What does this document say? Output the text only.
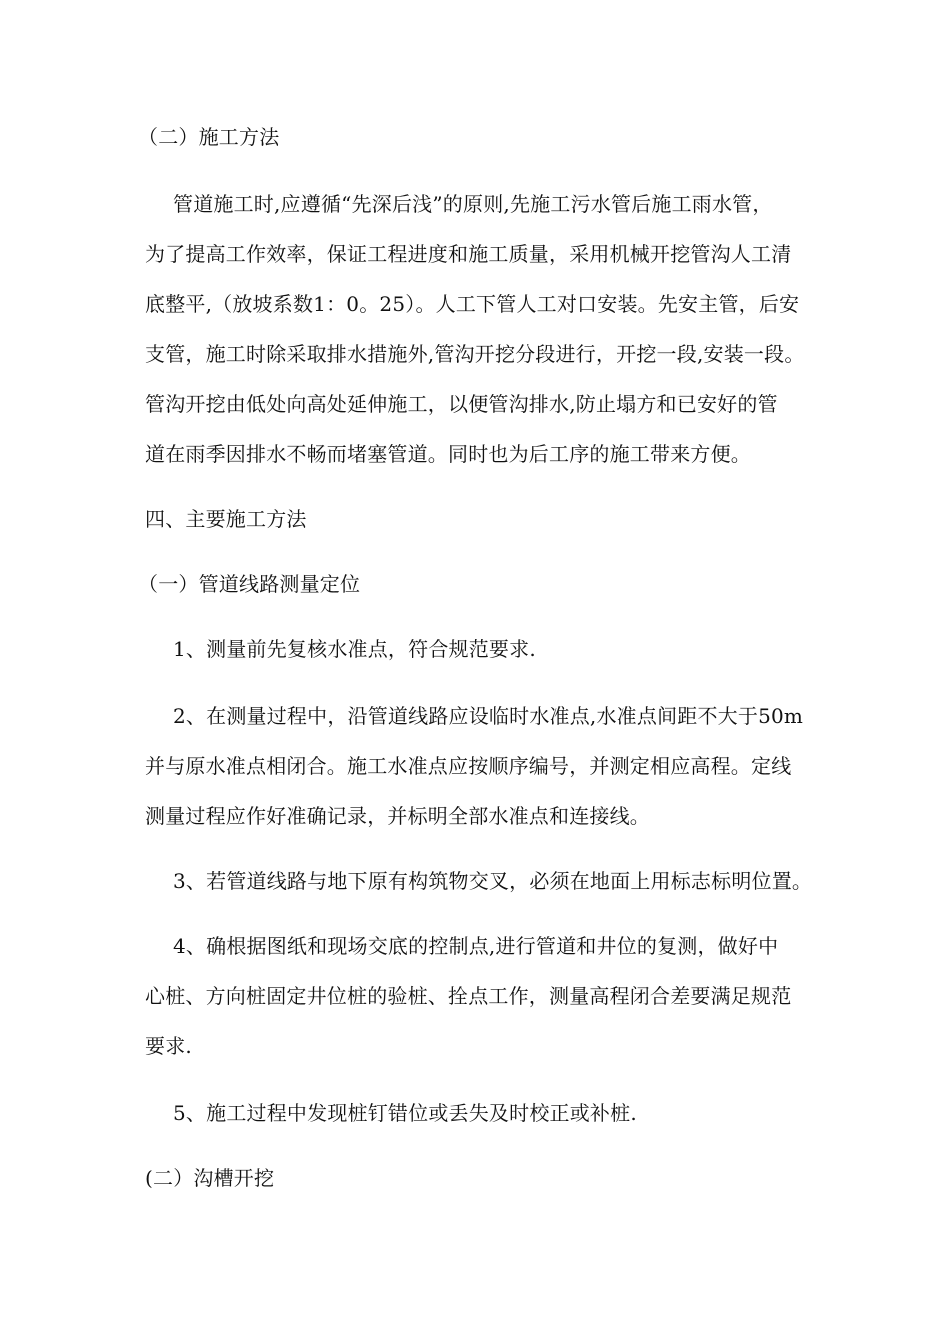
（二）施工方法
管道施工时,应遵循“先深后浅”的原则,先施工污水管后施工雨水管，
为了提高工作效率，保证工程进度和施工质量，采用机械开挖管沟人工清
底整平,（放坡系数1：0。25）。人工下管人工对口安装。先安主管，后安
支管，施工时除采取排水措施外,管沟开挖分段进行，开挖一段,安装一段。
管沟开挖由低处向高处延伸施工，以便管沟排水,防止塌方和已安好的管
道在雨季因排水不畅而堵塞管道。同时也为后工序的施工带来方便。
四、主要施工方法
（一）管道线路测量定位
1、测量前先复核水准点，符合规范要求.
2、在测量过程中，沿管道线路应设临时水准点,水准点间距不大于50m
并与原水准点相闭合。施工水准点应按顺序编号，并测定相应高程。定线
测量过程应作好准确记录，并标明全部水准点和连接线。
3、若管道线路与地下原有构筑物交叉，必须在地面上用标志标明位置。
4、确根据图纸和现场交底的控制点,进行管道和井位的复测，做好中
心桩、方向桩固定井位桩的验桩、拴点工作，测量高程闭合差要满足规范
要求.
5、施工过程中发现桩钉错位或丢失及时校正或补桩.
(二）沟槽开挖
